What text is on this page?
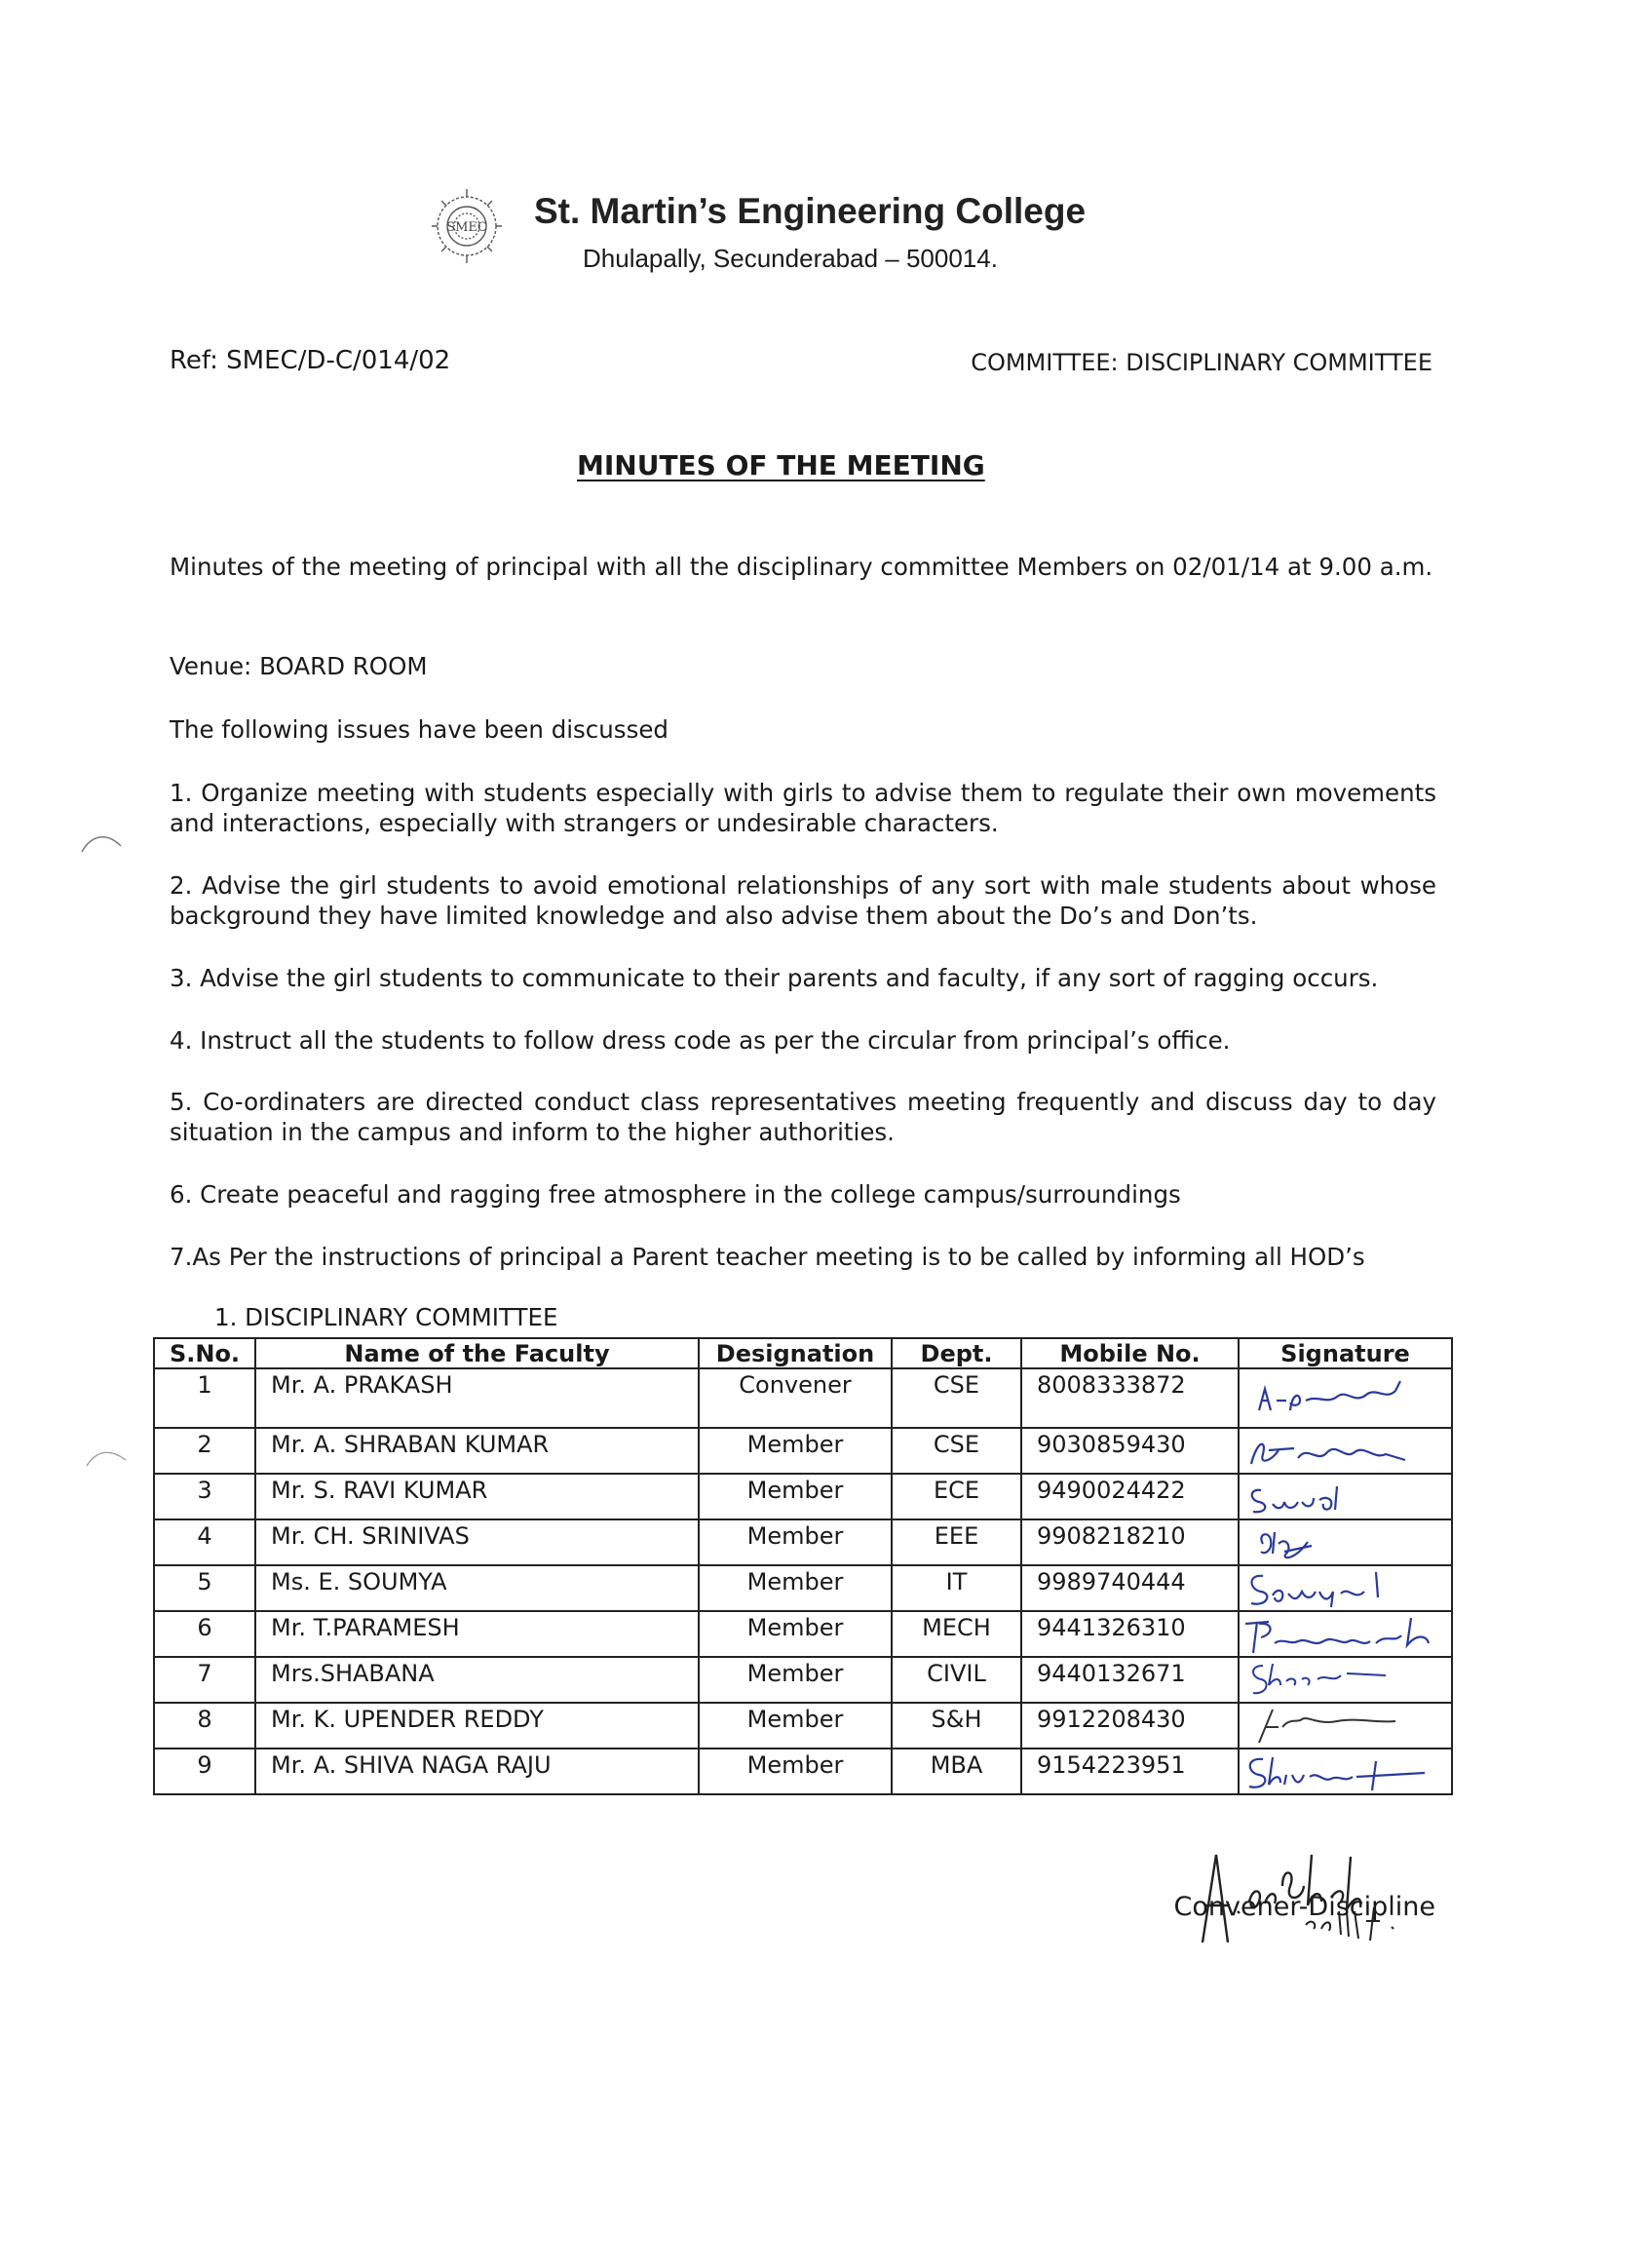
SMEC St. Martin’s Engineering College
Dhulapally, Secunderabad – 500014.
Ref: SMEC/D-C/014/02	COMMITTEE: DISCIPLINARY COMMITTEE
MINUTES OF THE MEETING
Minutes of the meeting of principal with all the disciplinary committee Members on 02/01/14 at 9.00 a.m.
Venue: BOARD ROOM
The following issues have been discussed
1. Organize meeting with students especially with girls to advise them to regulate their own movements and interactions, especially with strangers or undesirable characters.
2. Advise the girl students to avoid emotional relationships of any sort with male students about whose background they have limited knowledge and also advise them about the Do’s and Don’ts.
3. Advise the girl students to communicate to their parents and faculty, if any sort of ragging occurs.
4. Instruct all the students to follow dress code as per the circular from principal’s office.
5. Co-ordinaters are directed conduct class representatives meeting frequently and discuss day to day situation in the campus and inform to the higher authorities.
6. Create peaceful and ragging free atmosphere in the college campus/surroundings
7.As Per the instructions of principal a Parent teacher meeting is to be called by informing all HOD’s
1. DISCIPLINARY COMMITTEE
S.No.	Name of the Faculty	Designation	Dept.	Mobile No.	Signature
1	Mr. A. PRAKASH	Convener	CSE	8008333872	

2	Mr. A. SHRABAN KUMAR	Member	CSE	9030859430	

3	Mr. S. RAVI KUMAR	Member	ECE	9490024422	

4	Mr. CH. SRINIVAS	Member	EEE	9908218210	

5	Ms. E. SOUMYA	Member	IT	9989740444	

6	Mr. T.PARAMESH	Member	MECH	9441326310	

7	Mrs.SHABANA	Member	CIVIL	9440132671	

8	Mr. K. UPENDER REDDY	Member	S&H	9912208430	

9	Mr. A. SHIVA NAGA RAJU	Member	MBA	9154223951	
Convener-Discipline
